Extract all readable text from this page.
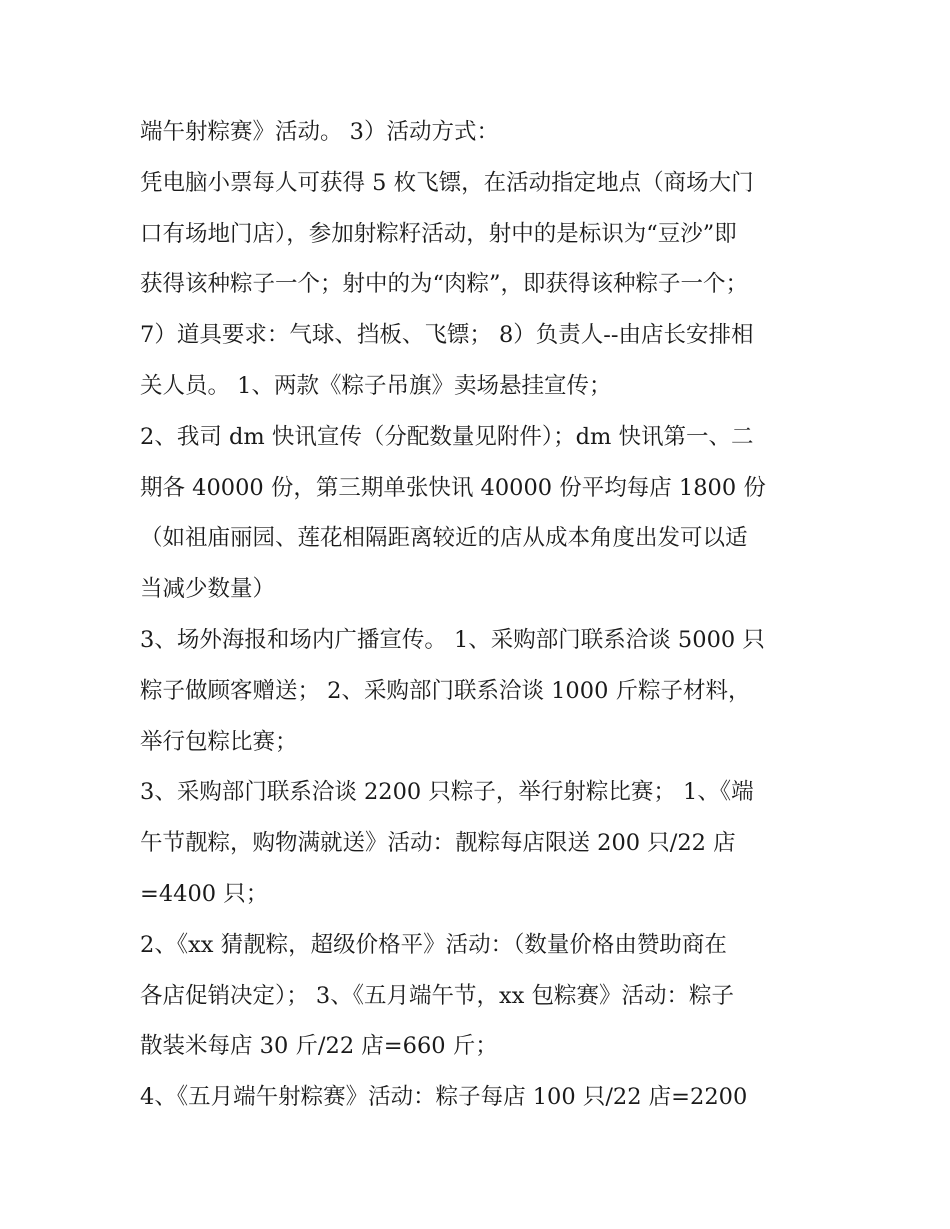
端午射粽赛》活动。 3）活动方式：
凭电脑小票每人可获得 5 枚飞镖，在活动指定地点（商场大门
口有场地门店），参加射粽籽活动，射中的是标识为“豆沙”即
获得该种粽子一个；射中的为“肉粽”，即获得该种粽子一个；
7）道具要求：气球、挡板、飞镖； 8）负责人--由店长安排相
关人员。 1、两款《粽子吊旗》卖场悬挂宣传；
2、我司 dm 快讯宣传（分配数量见附件）；dm 快讯第一、二
期各 40000 份，第三期单张快讯 40000 份平均每店 1800 份
（如祖庙丽园、莲花相隔距离较近的店从成本角度出发可以适
当减少数量）
3、场外海报和场内广播宣传。 1、采购部门联系洽谈 5000 只
粽子做顾客赠送； 2、采购部门联系洽谈 1000 斤粽子材料，
举行包粽比赛；
3、采购部门联系洽谈 2200 只粽子，举行射粽比赛； 1、《端
午节靓粽，购物满就送》活动：靓粽每店限送 200 只/22 店
=4400 只；
2、《xx 猜靓粽，超级价格平》活动：（数量价格由赞助商在
各店促销决定）； 3、《五月端午节，xx 包粽赛》活动：粽子
散装米每店 30 斤/22 店=660 斤；
4、《五月端午射粽赛》活动：粽子每店 100 只/22 店=2200
